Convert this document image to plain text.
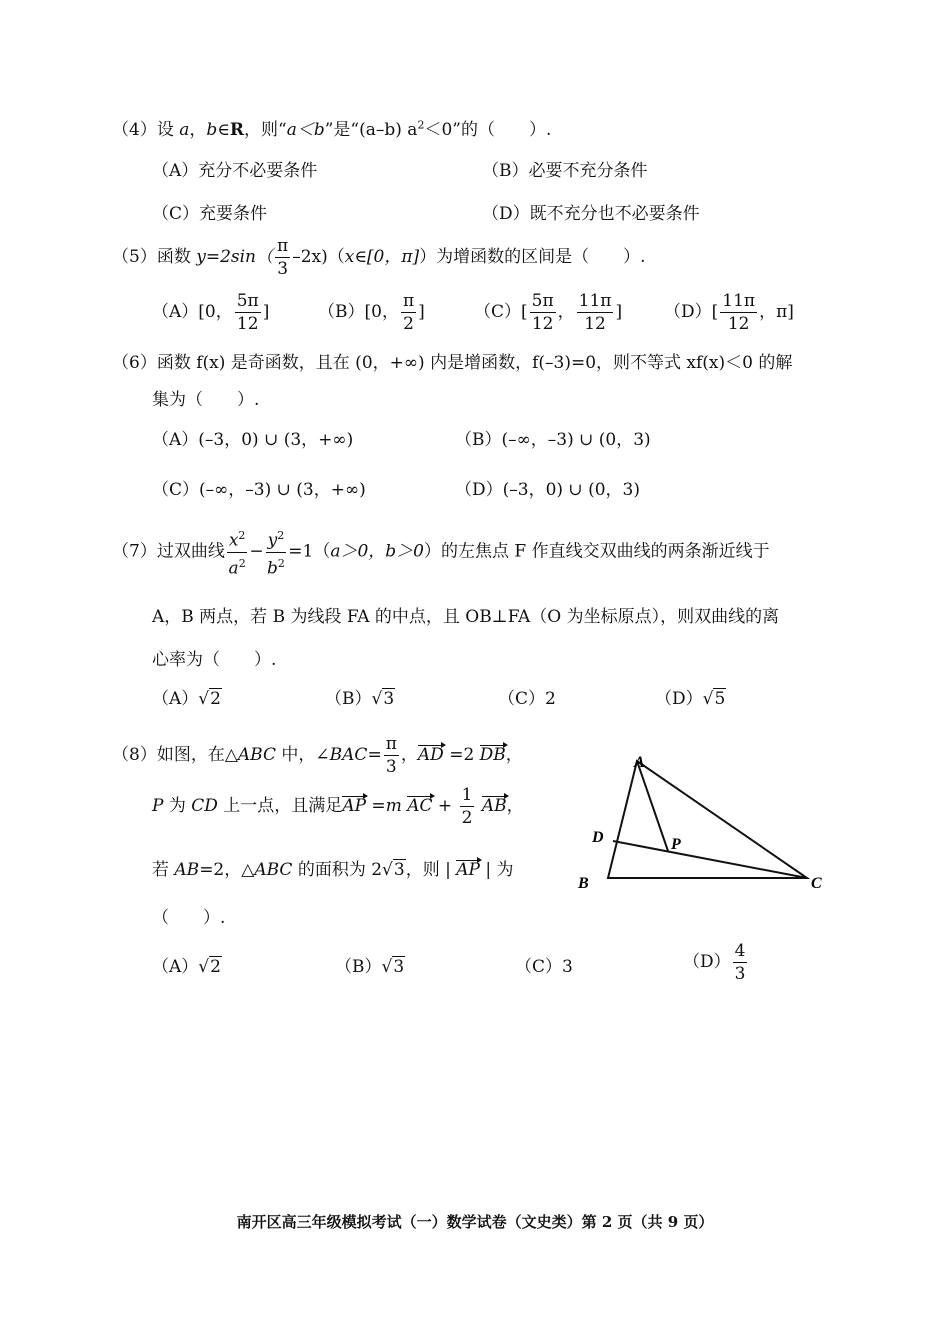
（4）设 a，b∈R，则“a＜b”是“(a–b) $a^2<0$”的（　　）.
（A）充分不必要条件	（B）必要不充分条件
（C）充要条件	（D）既不充分也不必要条件
（5）函数 $y=2\sin( \frac{\pi}{3}$ –2x)（x∈[0，π]）为增函数的区间是（　　）.
（A）[0， $\frac{5\pi}{12}$ ]	（B）[0， $\frac{\pi}{2}$ ]	$(C)[ \frac{5\pi}{12}$ ， $\frac{11\pi}{12}$ ] $(D)[ \frac{11\pi}{12}$ ，π]
（6）函数 f(x) 是奇函数，且在 (0，+∞) 内是增函数，f(–3)=0，则不等式 xf(x)＜0 的解
集为（　　）.
（A）(–3，0) ∪ (3，+∞)	（B）(–∞，–3) ∪ (0，3)
（C）(–∞，–3) ∪ (3，+∞)	（D）(–3，0) ∪ (0，3)
（7）过双曲线 $\frac{x^2}{a^2} - \frac{y^2}{b^2} =1(a>0$，b＞0）的左焦点 F 作直线交双曲线的两条渐近线于
A，B 两点，若 B 为线段 FA 的中点，且 OB⊥FA（O 为坐标原点），则双曲线的离
心率为（　　）.
（A）√2	（B）√3	（C）2	（D）√5
（8）如图，在△ABC 中，∠BAC= $\frac{\pi}{3}$ ，AD =2 DB，
P 为 CD 上一点，且满足AP =m AC + $\frac{1}{2}$ AB，
若 AB=2，△ABC 的面积为 2√3，则 | AP | 为
（　　）.
（A）√2	（B）√3	（C）3	$(D) \frac{4}{3}$
A
B	C
D	P
南开区高三年级模拟考试（一）数学试卷（文史类）第 2 页（共 9 页）
